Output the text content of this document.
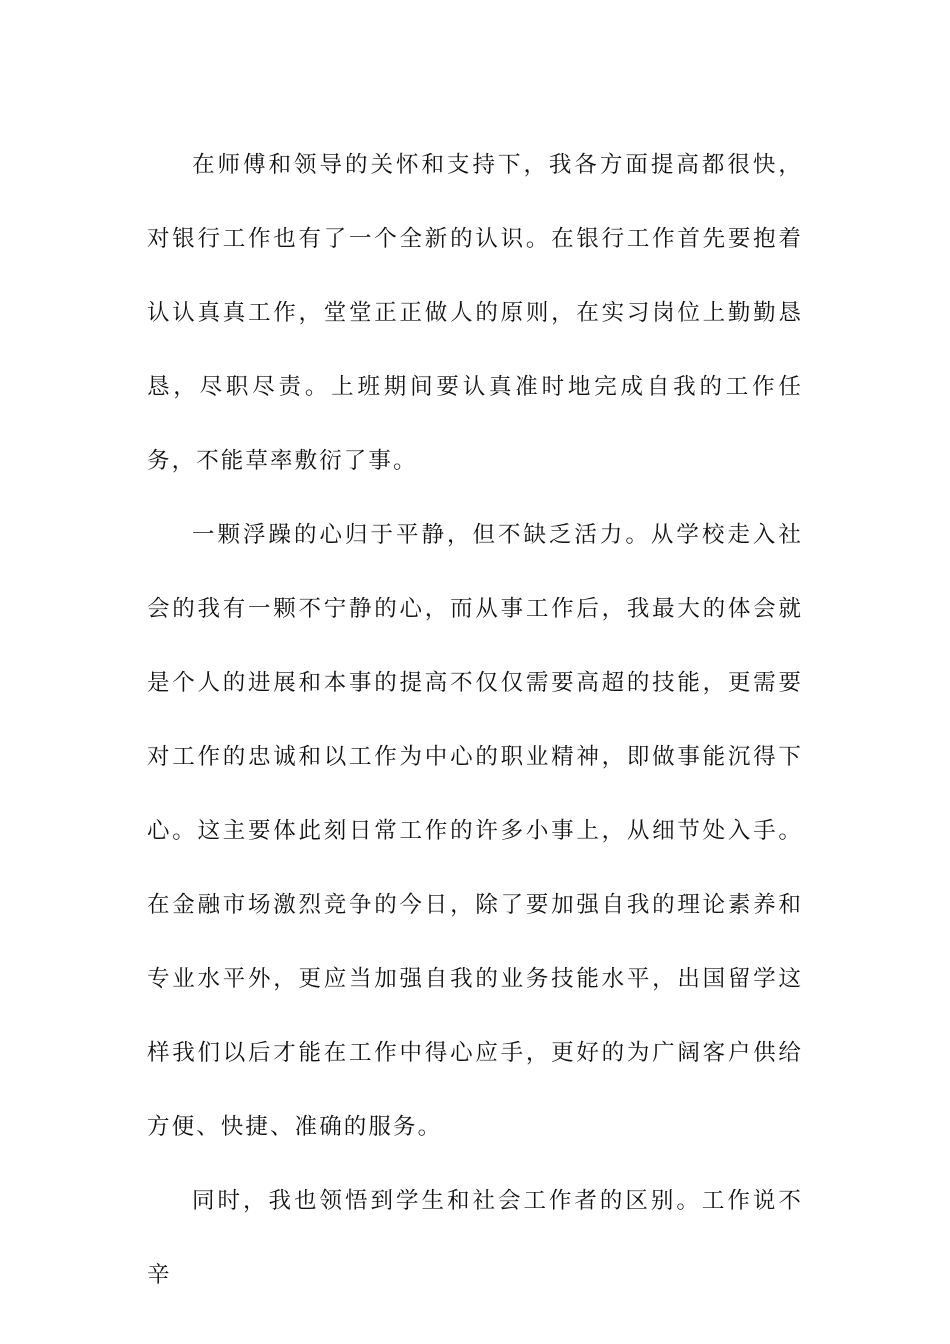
在师傅和领导的关怀和支持下，我各方面提高都很快，对银行工作也有了一个全新的认识。在银行工作首先要抱着认认真真工作，堂堂正正做人的原则，在实习岗位上勤勤恳恳，尽职尽责。上班期间要认真准时地完成自我的工作任务，不能草率敷衍了事。

一颗浮躁的心归于平静，但不缺乏活力。从学校走入社会的我有一颗不宁静的心，而从事工作后，我最大的体会就是个人的进展和本事的提高不仅仅需要高超的技能，更需要对工作的忠诚和以工作为中心的职业精神，即做事能沉得下心。这主要体此刻日常工作的许多小事上，从细节处入手。在金融市场激烈竞争的今日，除了要加强自我的理论素养和专业水平外，更应当加强自我的业务技能水平，出国留学这样我们以后才能在工作中得心应手，更好的为广阔客户供给方便、快捷、准确的服务。

同时，我也领悟到学生和社会工作者的区别。工作说不辛
